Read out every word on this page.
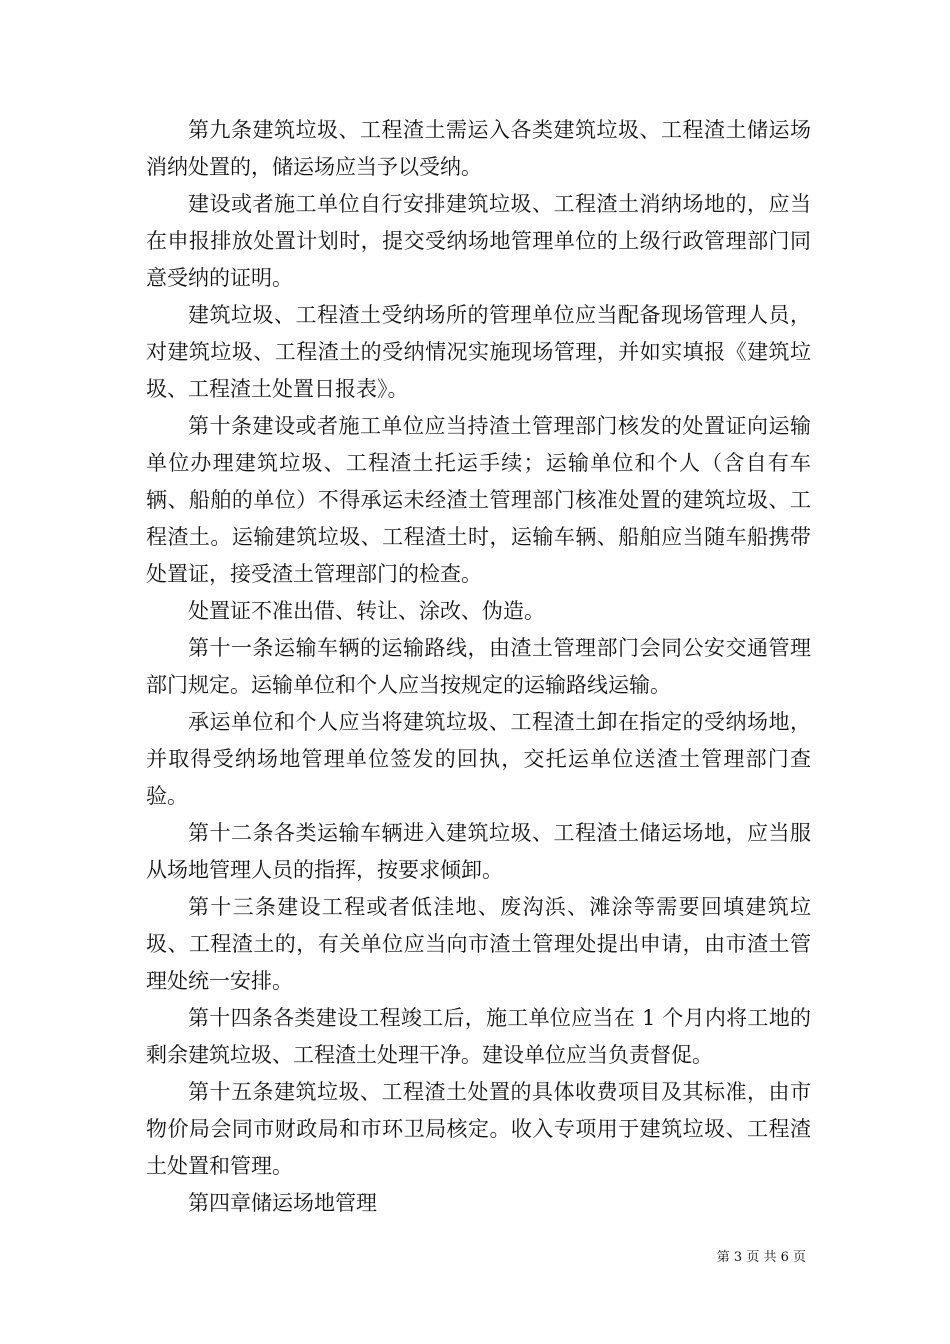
第九条建筑垃圾、工程渣土需运入各类建筑垃圾、工程渣土储运场消纳处置的，储运场应当予以受纳。

建设或者施工单位自行安排建筑垃圾、工程渣土消纳场地的，应当在申报排放处置计划时，提交受纳场地管理单位的上级行政管理部门同意受纳的证明。

建筑垃圾、工程渣土受纳场所的管理单位应当配备现场管理人员，对建筑垃圾、工程渣土的受纳情况实施现场管理，并如实填报《建筑垃圾、工程渣土处置日报表》。

第十条建设或者施工单位应当持渣土管理部门核发的处置证向运输单位办理建筑垃圾、工程渣土托运手续；运输单位和个人（含自有车辆、船舶的单位）不得承运未经渣土管理部门核准处置的建筑垃圾、工程渣土。运输建筑垃圾、工程渣土时，运输车辆、船舶应当随车船携带处置证，接受渣土管理部门的检查。

处置证不准出借、转让、涂改、伪造。

第十一条运输车辆的运输路线，由渣土管理部门会同公安交通管理部门规定。运输单位和个人应当按规定的运输路线运输。

承运单位和个人应当将建筑垃圾、工程渣土卸在指定的受纳场地，并取得受纳场地管理单位签发的回执，交托运单位送渣土管理部门查验。

第十二条各类运输车辆进入建筑垃圾、工程渣土储运场地，应当服从场地管理人员的指挥，按要求倾卸。

第十三条建设工程或者低洼地、废沟浜、滩涂等需要回填建筑垃圾、工程渣土的，有关单位应当向市渣土管理处提出申请，由市渣土管理处统一安排。

第十四条各类建设工程竣工后，施工单位应当在 1 个月内将工地的剩余建筑垃圾、工程渣土处理干净。建设单位应当负责督促。

第十五条建筑垃圾、工程渣土处置的具体收费项目及其标准，由市物价局会同市财政局和市环卫局核定。收入专项用于建筑垃圾、工程渣土处置和管理。

第四章储运场地管理

第 3 页 共 6 页
